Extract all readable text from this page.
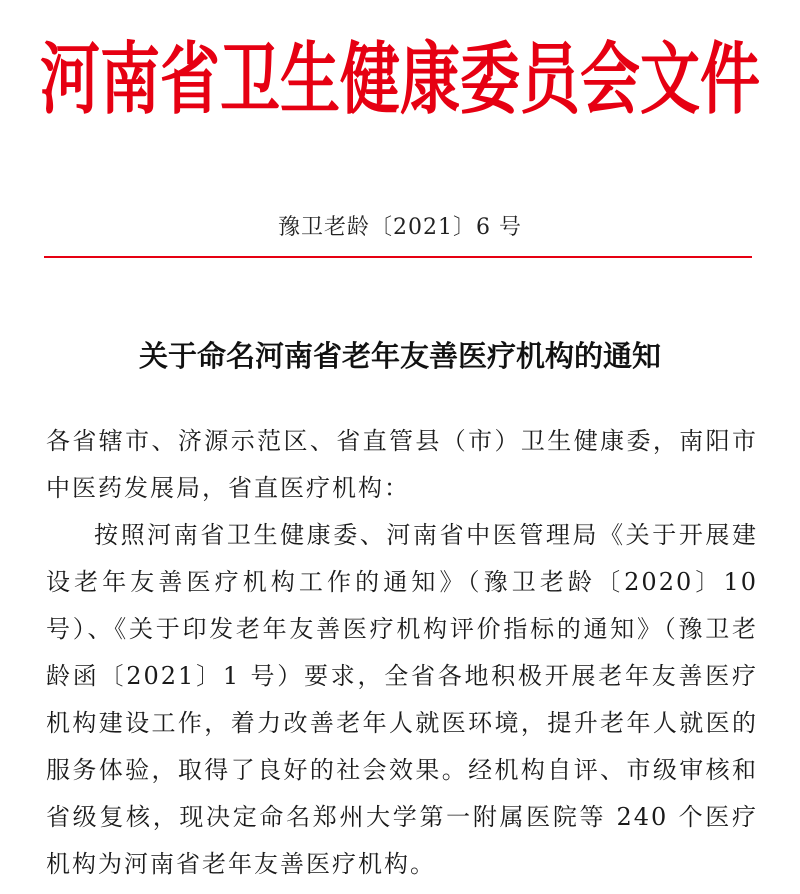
河南省卫生健康委员会文件
豫卫老龄〔2021〕6 号
关于命名河南省老年友善医疗机构的通知

各省辖市、济源示范区、省直管县（市）卫生健康委，南阳市中医药发展局，省直医疗机构：

按照河南省卫生健康委、河南省中医管理局《关于开展建设老年友善医疗机构工作的通知》（豫卫老龄〔2020〕10 号）、《关于印发老年友善医疗机构评价指标的通知》（豫卫老龄函〔2021〕1 号）要求，全省各地积极开展老年友善医疗机构建设工作，着力改善老年人就医环境，提升老年人就医的服务体验，取得了良好的社会效果。经机构自评、市级审核和省级复核，现决定命名郑州大学第一附属医院等 240 个医疗机构为河南省老年友善医疗机构。
